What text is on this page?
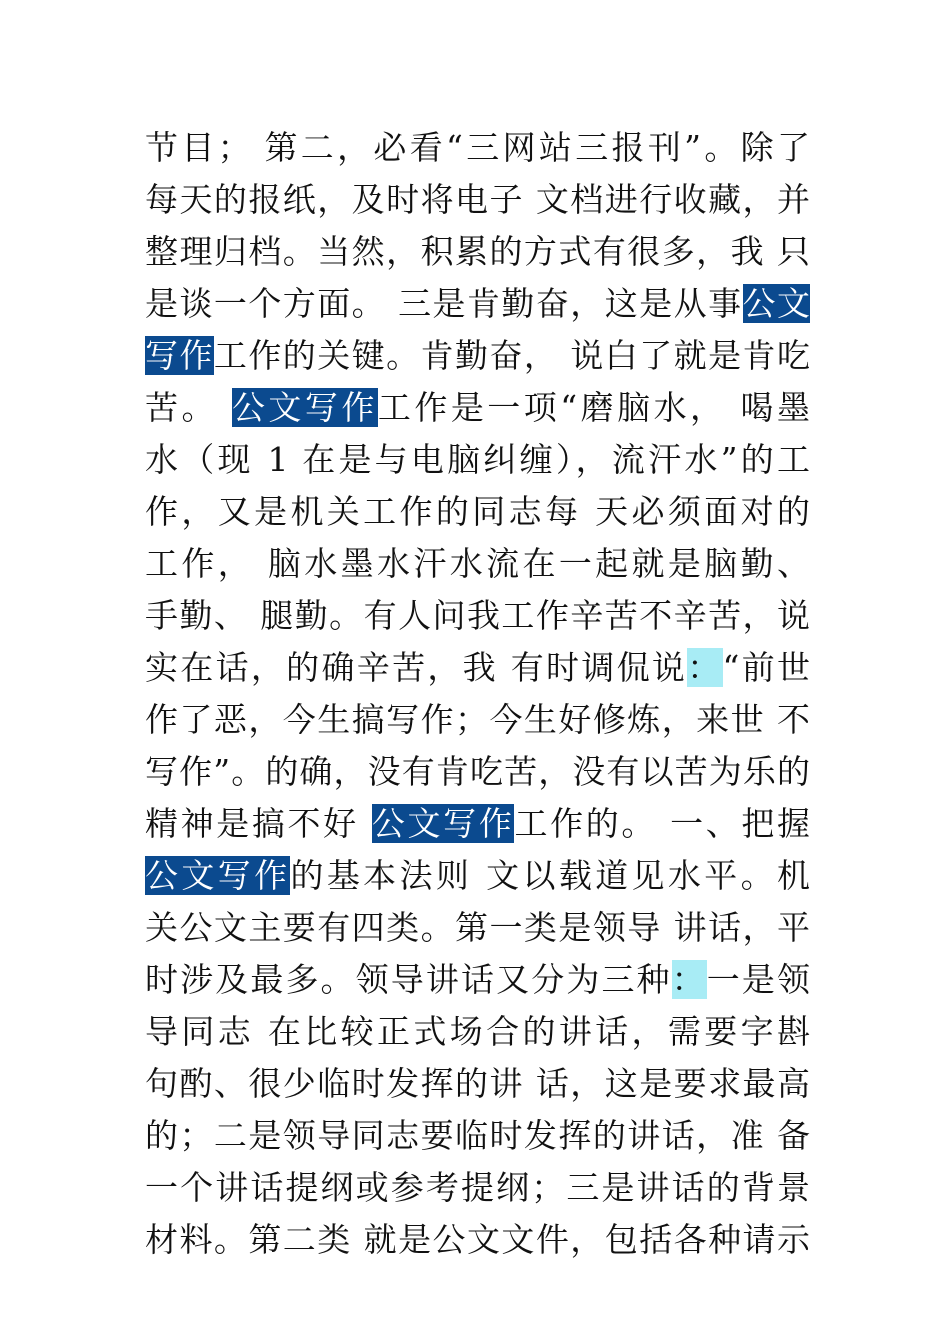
节目； 第二，必看“三网站三报刊”。除了
每天的报纸，及时将电子 文档进行收藏，并
整理归档。当然，积累的方式有很多，我 只
是谈一个方面。 三是肯勤奋，这是从事公文
写作工作的关键。肯勤奋， 说白了就是肯吃
苦。 公文写作工作是一项“磨脑水， 喝墨
水（现 1 在是与电脑纠缠），流汗水”的工
作，又是机关工作的同志每 天必须面对的
工作， 脑水墨水汗水流在一起就是脑勤、
手勤、 腿勤。有人问我工作辛苦不辛苦，说
实在话，的确辛苦，我 有时调侃说：“前世
作了恶，今生搞写作；今生好修炼，来世 不
写作”。的确，没有肯吃苦，没有以苦为乐的
精神是搞不好 公文写作工作的。 一、把握
公文写作的基本法则 文以载道见水平。机
关公文主要有四类。第一类是领导 讲话，平
时涉及最多。领导讲话又分为三种：一是领
导同志 在比较正式场合的讲话，需要字斟
句酌、很少临时发挥的讲 话，这是要求最高
的；二是领导同志要临时发挥的讲话，准 备
一个讲话提纲或参考提纲；三是讲话的背景
材料。第二类 就是公文文件，包括各种请示
